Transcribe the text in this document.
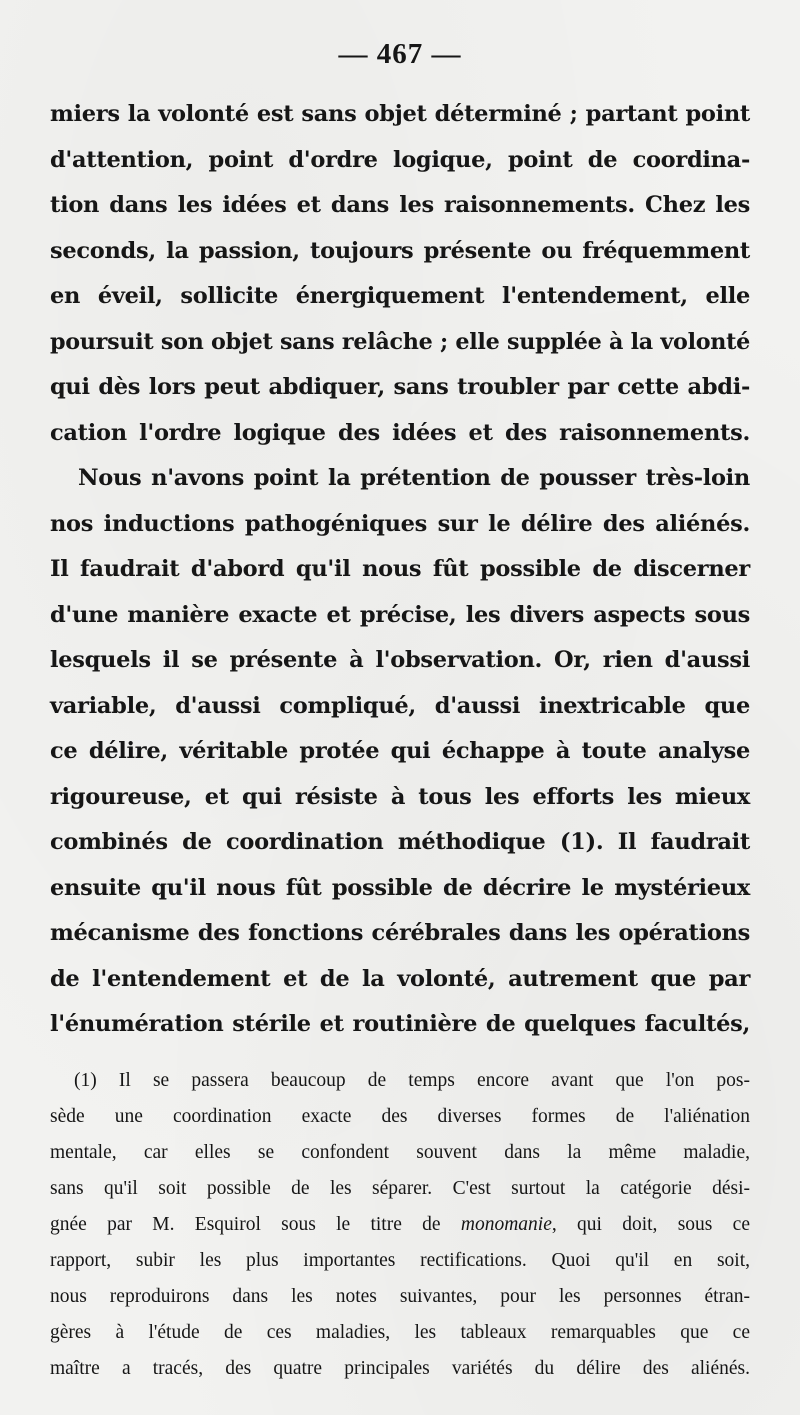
— 467 —
miers la volonté est sans objet déterminé ; partant point
d'attention, point d'ordre logique, point de coordina-
tion dans les idées et dans les raisonnements. Chez les
seconds, la passion, toujours présente ou fréquemment
en éveil, sollicite énergiquement l'entendement, elle
poursuit son objet sans relâche ; elle supplée à la volonté
qui dès lors peut abdiquer, sans troubler par cette abdi-
cation l'ordre logique des idées et des raisonnements.
Nous n'avons point la prétention de pousser très-loin
nos inductions pathogéniques sur le délire des aliénés.
Il faudrait d'abord qu'il nous fût possible de discerner
d'une manière exacte et précise, les divers aspects sous
lesquels il se présente à l'observation. Or, rien d'aussi
variable, d'aussi compliqué, d'aussi inextricable que
ce délire, véritable protée qui échappe à toute analyse
rigoureuse, et qui résiste à tous les efforts les mieux
combinés de coordination méthodique (1). Il faudrait
ensuite qu'il nous fût possible de décrire le mystérieux
mécanisme des fonctions cérébrales dans les opérations
de l'entendement et de la volonté, autrement que par
l'énumération stérile et routinière de quelques facultés,
(1) Il se passera beaucoup de temps encore avant que l'on pos-
sède une coordination exacte des diverses formes de l'aliénation
mentale, car elles se confondent souvent dans la même maladie,
sans qu'il soit possible de les séparer. C'est surtout la catégorie dési-
gnée par M. Esquirol sous le titre de monomanie, qui doit, sous ce
rapport, subir les plus importantes rectifications. Quoi qu'il en soit,
nous reproduirons dans les notes suivantes, pour les personnes étran-
gères à l'étude de ces maladies, les tableaux remarquables que ce
maître a tracés, des quatre principales variétés du délire des aliénés.
